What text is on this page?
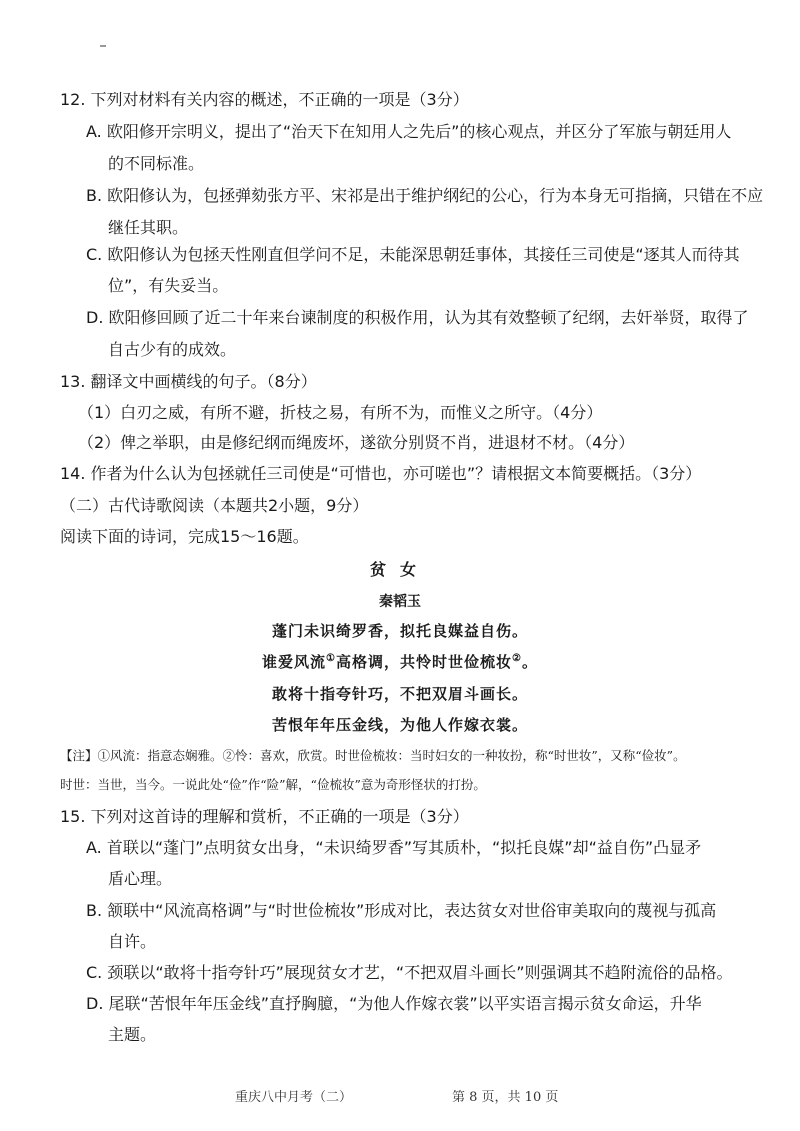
12. 下列对材料有关内容的概述，不正确的一项是（3分）
A. 欧阳修开宗明义，提出了“治天下在知用人之先后”的核心观点，并区分了军旅与朝廷用人
的不同标准。
B. 欧阳修认为，包拯弹劾张方平、宋祁是出于维护纲纪的公心，行为本身无可指摘，只错在不应
继任其职。
C. 欧阳修认为包拯天性刚直但学问不足，未能深思朝廷事体，其接任三司使是“逐其人而待其
位”，有失妥当。
D. 欧阳修回顾了近二十年来台谏制度的积极作用，认为其有效整顿了纪纲，去奸举贤，取得了
自古少有的成效。
13. 翻译文中画横线的句子。（8分）
（1）白刃之威，有所不避，折枝之易，有所不为，而惟义之所守。（4分）
（2）俾之举职，由是修纪纲而绳废坏，遂欲分别贤不肖，进退材不材。（4分）
14. 作者为什么认为包拯就任三司使是“可惜也，亦可嗟也”？请根据文本简要概括。（3分）
（二）古代诗歌阅读（本题共2小题，9分）
阅读下面的诗词，完成15～16题。
贫女
秦韬玉
蓬门未识绮罗香，拟托良媒益自伤。
谁爱风流①高格调，共怜时世俭梳妆②。
敢将十指夸针巧，不把双眉斗画长。
苦恨年年压金线，为他人作嫁衣裳。
【注】①风流：指意态娴雅。②怜：喜欢，欣赏。时世俭梳妆：当时妇女的一种妆扮，称“时世妆”，又称“俭妆”。
时世：当世，当今。一说此处“俭”作“险”解，“俭梳妆”意为奇形怪状的打扮。
15. 下列对这首诗的理解和赏析，不正确的一项是（3分）
A. 首联以“蓬门”点明贫女出身，“未识绮罗香”写其质朴，“拟托良媒”却“益自伤”凸显矛
盾心理。
B. 颔联中“风流高格调”与“时世俭梳妆”形成对比，表达贫女对世俗审美取向的蔑视与孤高
自许。
C. 颈联以“敢将十指夸针巧”展现贫女才艺，“不把双眉斗画长”则强调其不趋附流俗的品格。
D. 尾联“苦恨年年压金线”直抒胸臆，“为他人作嫁衣裳”以平实语言揭示贫女命运，升华
主题。
重庆八中月考（二）	第 8 页，共 10 页
